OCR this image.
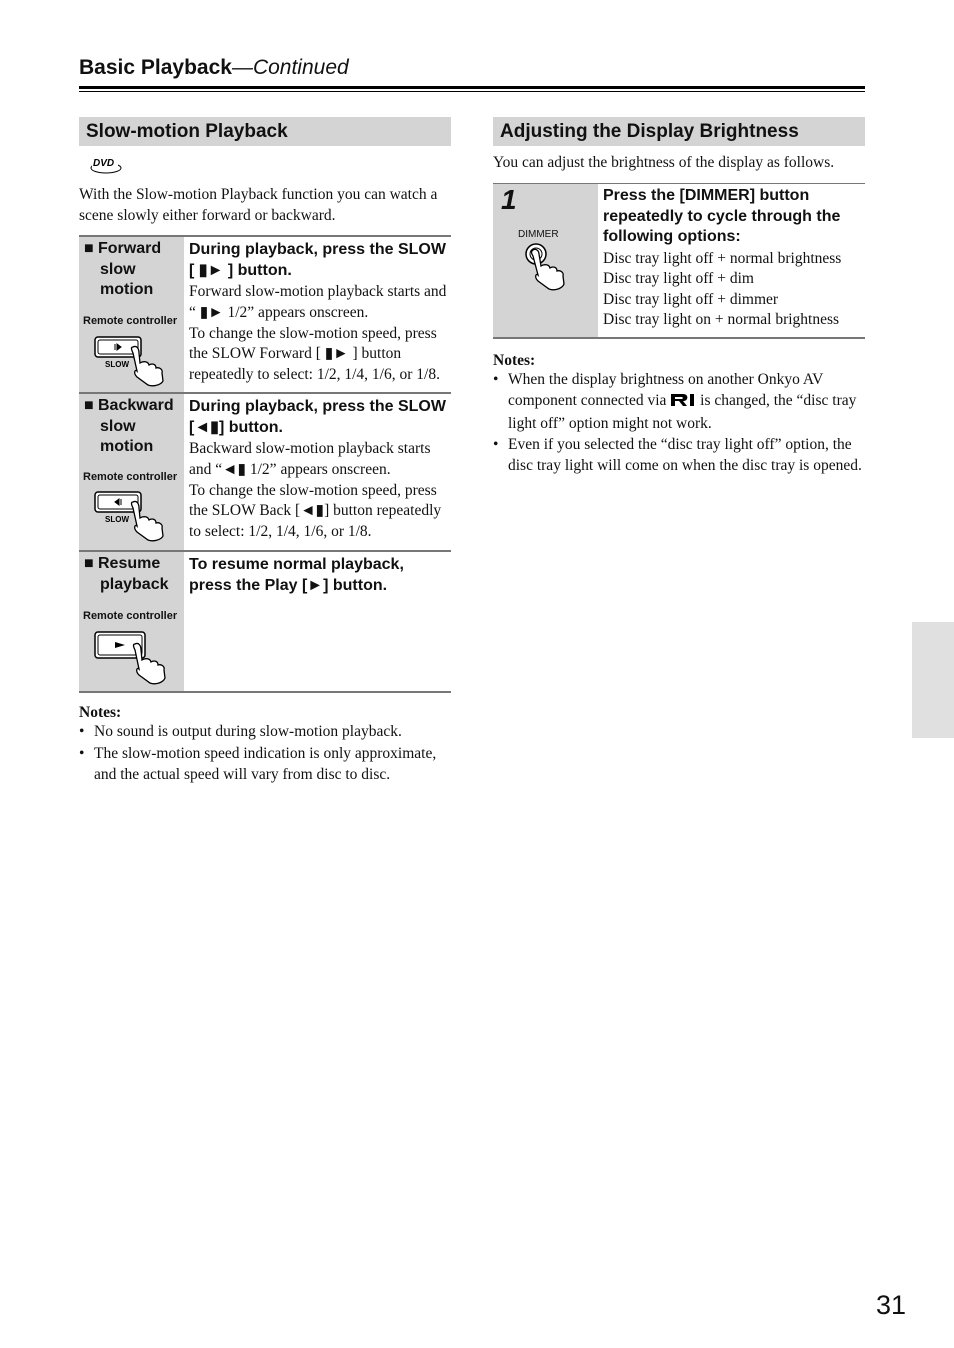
Basic Playback—Continued
Slow-motion Playback
DVD
With the Slow-motion Playback function you can watch a scene slowly either forward or backward.
■ Forward
slow
motion
Remote controller
SLOW
During playback, press the SLOW [ ▮► ] button.
Forward slow-motion playback starts and “ ▮► 1/2” appears onscreen.
To change the slow-motion speed, press the SLOW Forward [ ▮► ] button repeatedly to select: 1/2, 1/4, 1/6, or 1/8.
■ Backward
slow
motion
Remote controller
SLOW
During playback, press the SLOW [◄▮] button.
Backward slow-motion playback starts and “◄▮ 1/2” appears onscreen.
To change the slow-motion speed, press the SLOW Back [◄▮] button repeatedly to select: 1/2, 1/4, 1/6, or 1/8.
■ Resume
playback
Remote controller
To resume normal playback, press the Play [►] button.
Notes:
• No sound is output during slow-motion playback.
• The slow-motion speed indication is only approximate, and the actual speed will vary from disc to disc.
Adjusting the Display Brightness
You can adjust the brightness of the display as follows.
1
DIMMER
Press the [DIMMER] button repeatedly to cycle through the following options:
Disc tray light off + normal brightness
Disc tray light off + dim
Disc tray light off + dimmer
Disc tray light on + normal brightness
Notes:
• When the display brightness on another Onkyo AV component connected via is changed, the “disc tray light off” option might not work.
• Even if you selected the “disc tray light off” option, the disc tray light will come on when the disc tray is opened.
31
